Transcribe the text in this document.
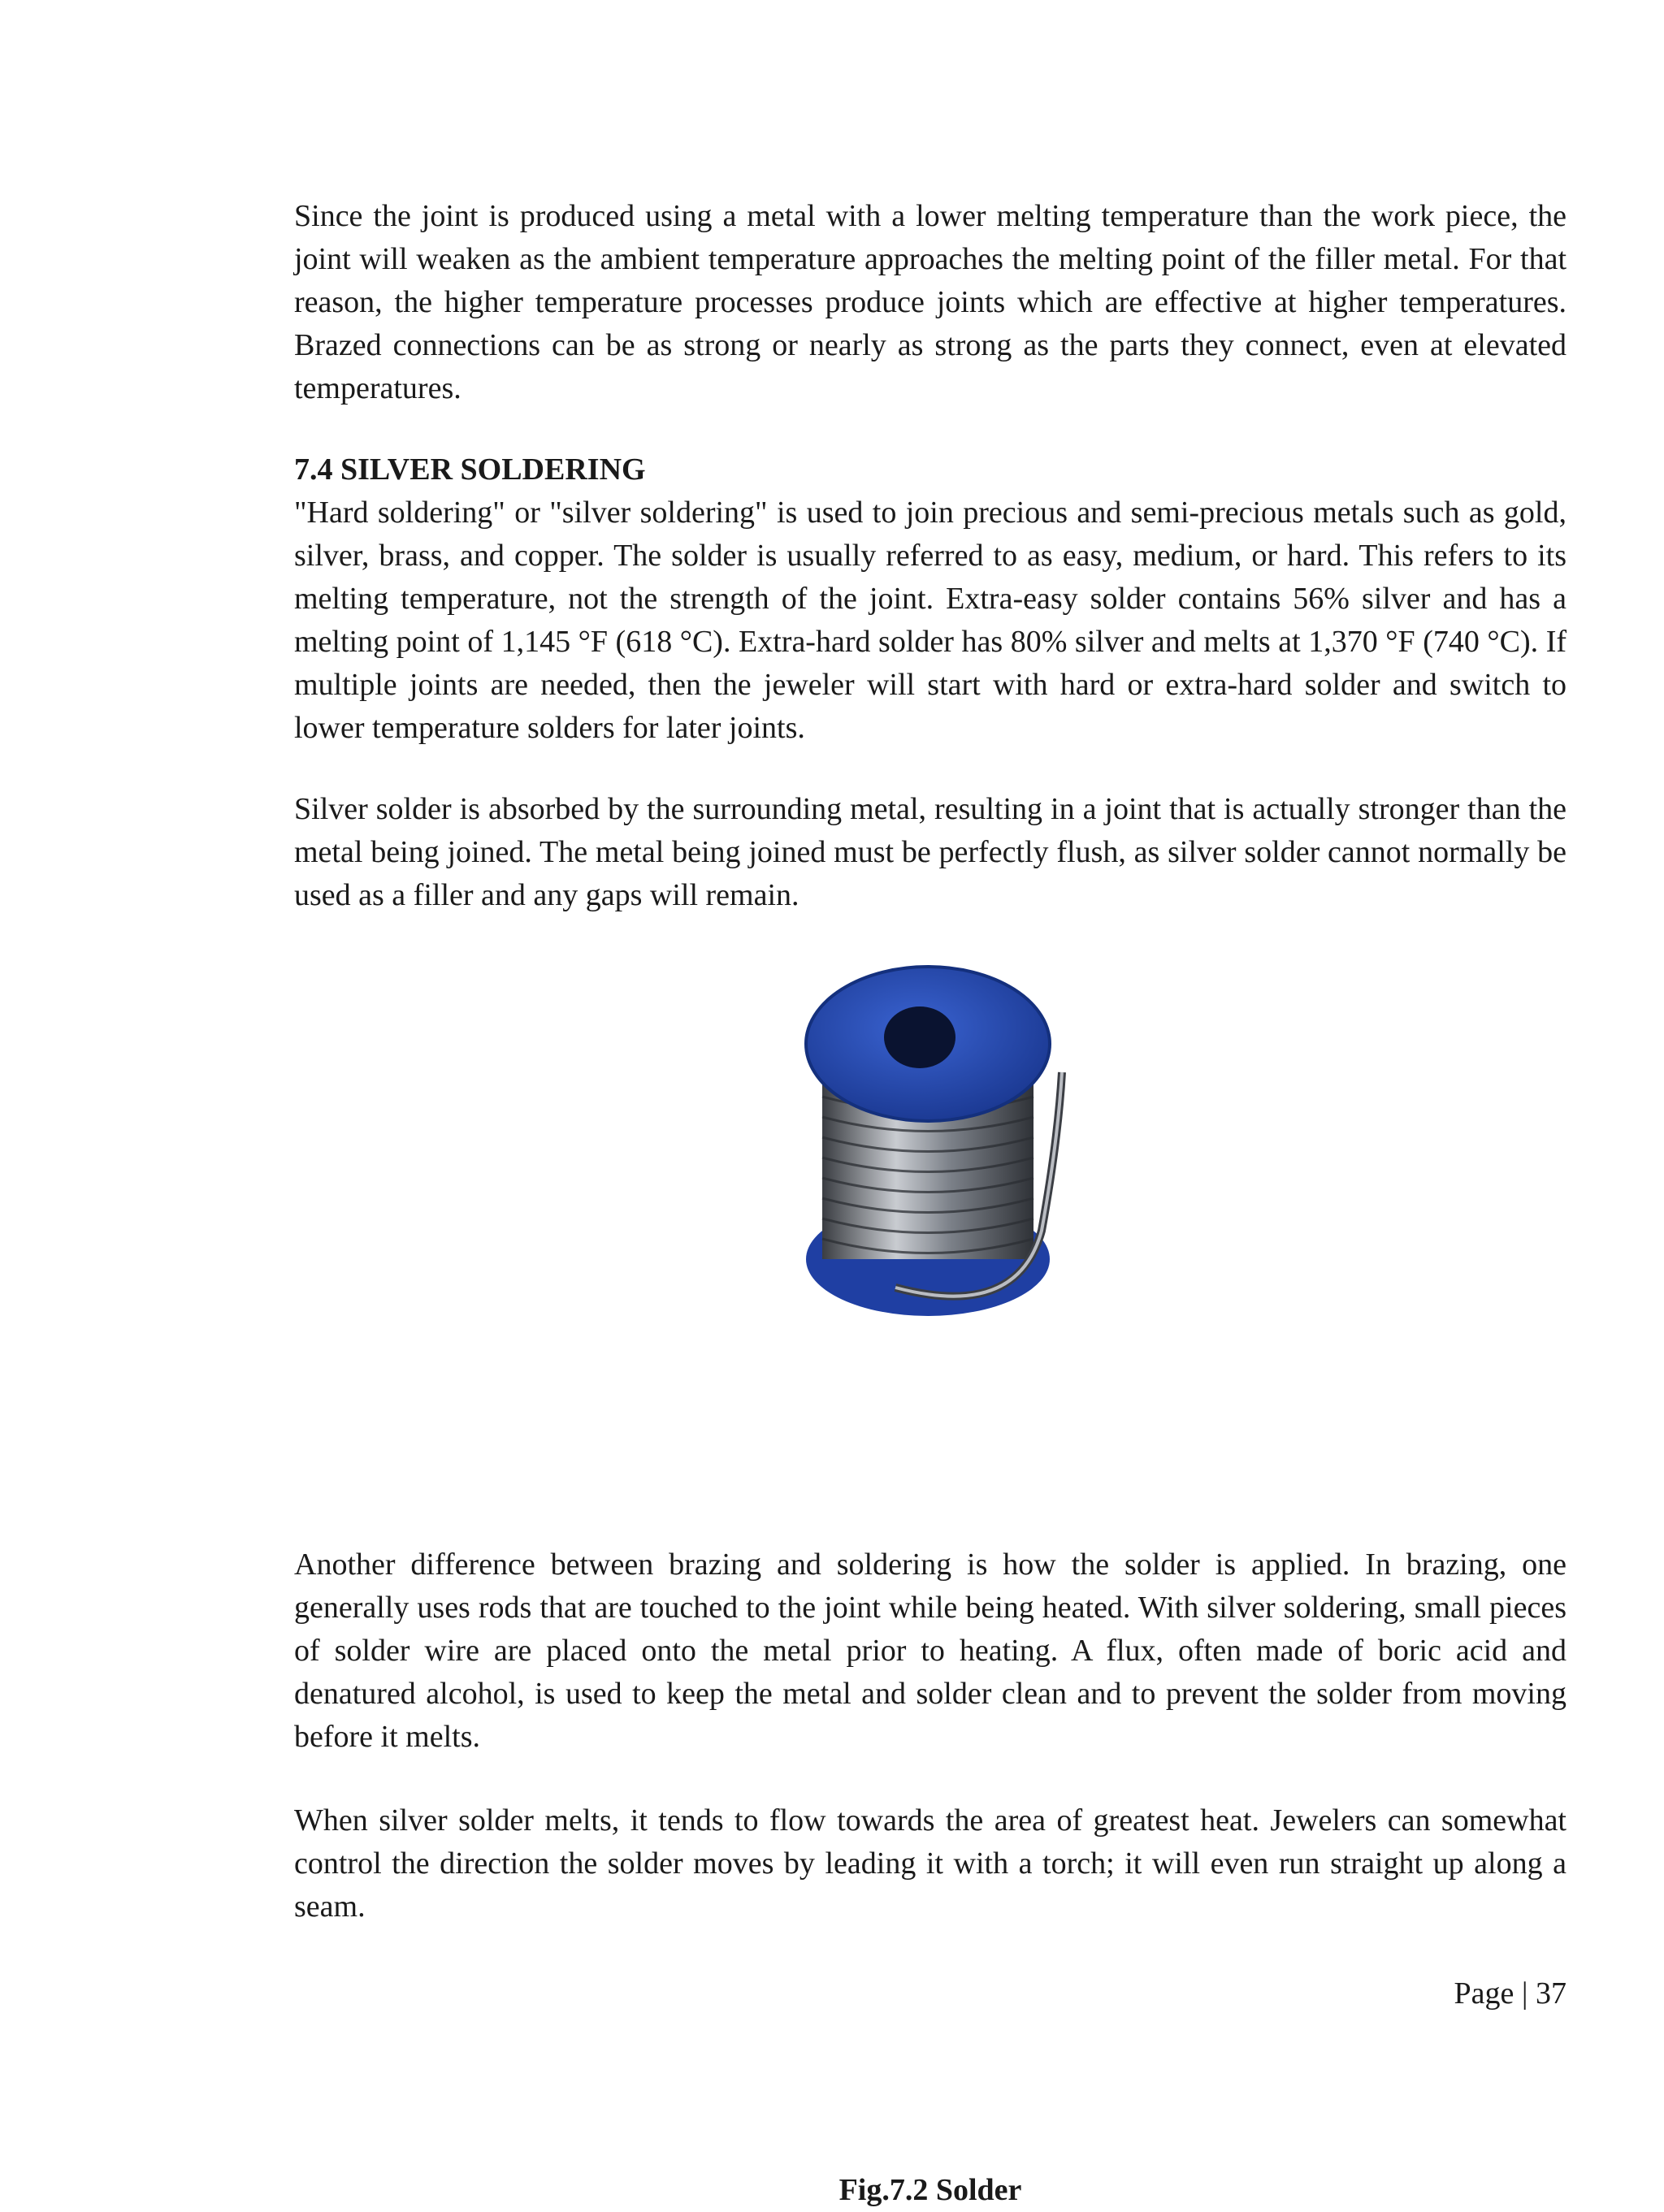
Since the joint is produced using a metal with a lower melting temperature than the work piece, the joint will weaken as the ambient temperature approaches the melting point of the filler metal. For that reason, the higher temperature processes produce joints which are effective at higher temperatures. Brazed connections can be as strong or nearly as strong as the parts they connect, even at elevated temperatures.

7.4 SILVER SOLDERING

"Hard soldering" or "silver soldering" is used to join precious and semi-precious metals such as gold, silver, brass, and copper. The solder is usually referred to as easy, medium, or hard. This refers to its melting temperature, not the strength of the joint. Extra-easy solder contains 56% silver and has a melting point of 1,145 °F (618 °C). Extra-hard solder has 80% silver and melts at 1,370 °F (740 °C). If multiple joints are needed, then the jeweler will start with hard or extra-hard solder and switch to lower temperature solders for later joints.

Silver solder is absorbed by the surrounding metal, resulting in a joint that is actually stronger than the metal being joined. The metal being joined must be perfectly flush, as silver solder cannot normally be used as a filler and any gaps will remain.

Fig.7.2 Solder

Another difference between brazing and soldering is how the solder is applied. In brazing, one generally uses rods that are touched to the joint while being heated. With silver soldering, small pieces of solder wire are placed onto the metal prior to heating. A flux, often made of boric acid and denatured alcohol, is used to keep the metal and solder clean and to prevent the solder from moving before it melts.

When silver solder melts, it tends to flow towards the area of greatest heat. Jewelers can somewhat control the direction the solder moves by leading it with a torch; it will even run straight up along a seam.

Page | 37
